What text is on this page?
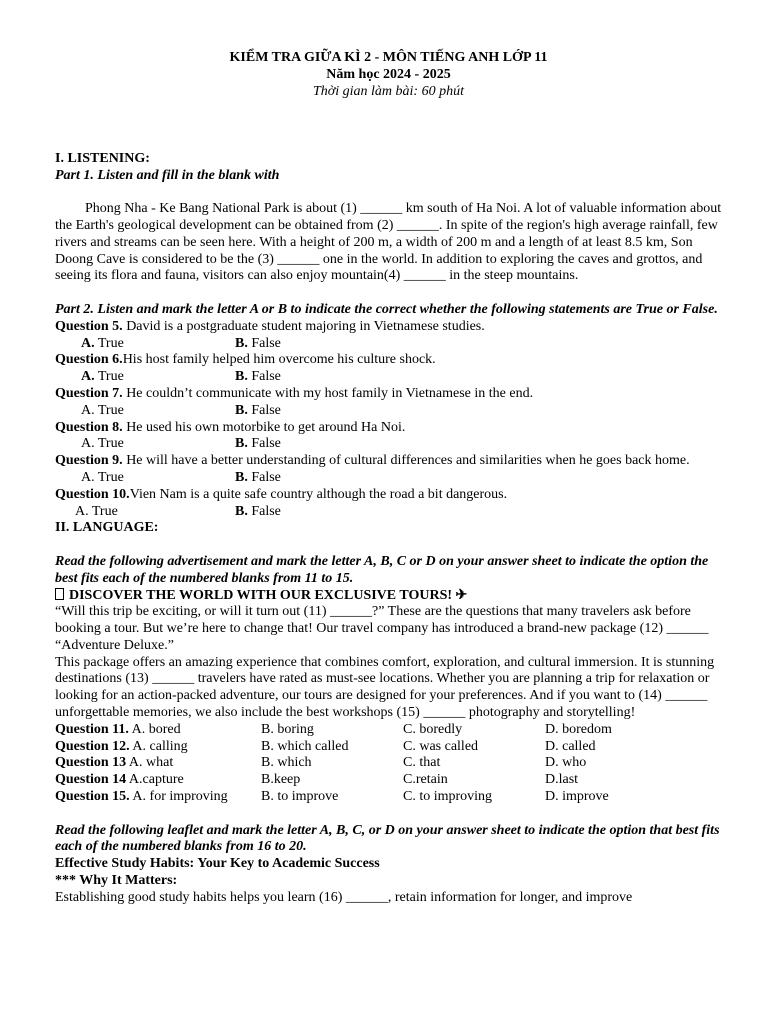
KIỂM TRA GIỮA KÌ 2 - MÔN TIẾNG ANH LỚP 11
Năm học 2024 - 2025
Thời gian làm bài: 60 phút
I. LISTENING:
Part 1. Listen and fill in the blank with
Phong Nha - Ke Bang National Park is about (1) ______ km south of Ha Noi. A lot of valuable information about the Earth's geological development can be obtained from (2) ______. In spite of the region's high average rainfall, few rivers and streams can be seen here. With a height of 200 m, a width of 200 m and a length of at least 8.5 km, Son Doong Cave is considered to be the (3) ______ one in the world. In addition to exploring the caves and grottos, and seeing its flora and fauna, visitors can also enjoy mountain(4) ______ in the steep mountains.
Part 2. Listen and mark the letter A or B to indicate the correct whether the following statements are True or False.
Question 5. David is a postgraduate student majoring in Vietnamese studies.
A. True	B. False
Question 6.His host family helped him overcome his culture shock.
A. True	B. False
Question 7. He couldn’t communicate with my host family in Vietnamese in the end.
A. True	B. False
Question 8. He used his own motorbike to get around Ha Noi.
A. True	B. False
Question 9. He will have a better understanding of cultural differences and similarities when he goes back home.
A. True	B. False
Question 10.Vien Nam is a quite safe country although the road a bit dangerous.
A. True	B. False
II. LANGUAGE:
Read the following advertisement and mark the letter A, B, C or D on your answer sheet to indicate the option the best fits each of the numbered blanks from 11 to 15.
DISCOVER THE WORLD WITH OUR EXCLUSIVE TOURS! ✈
“Will this trip be exciting, or will it turn out (11) ______?” These are the questions that many travelers ask before booking a tour. But we’re here to change that! Our travel company has introduced a brand-new package (12) ______ “Adventure Deluxe.”
This package offers an amazing experience that combines comfort, exploration, and cultural immersion. It is stunning destinations (13) ______ travelers have rated as must-see locations. Whether you are planning a trip for relaxation or looking for an action-packed adventure, our tours are designed for your preferences. And if you want to (14) ______ unforgettable memories, we also include the best workshops (15) ______ photography and storytelling!
Question 11. A. bored	B. boring	C. boredly	D. boredom
Question 12. A. calling	B. which called	C. was called	D. called
Question 13 A. what	B. which	C. that	D. who
Question 14 A.capture	B.keep	C.retain	D.last
Question 15. A. for improving	B. to improve	C. to improving	D. improve
Read the following leaflet and mark the letter A, B, C, or D on your answer sheet to indicate the option that best fits each of the numbered blanks from 16 to 20.
Effective Study Habits: Your Key to Academic Success
*** Why It Matters:
Establishing good study habits helps you learn (16) ______, retain information for longer, and improve
